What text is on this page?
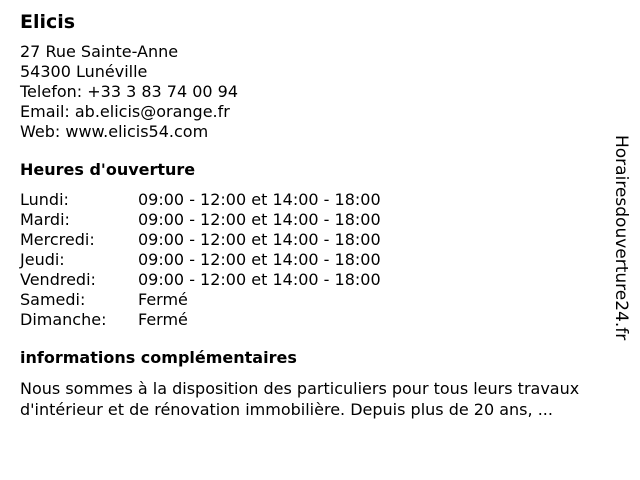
Elicis
27 Rue Sainte-Anne
54300 Lunéville
Telefon: +33 3 83 74 00 94
Email: ab.elicis@orange.fr
Web: www.elicis54.com
Heures d'ouverture
Lundi:	09:00 - 12:00 et 14:00 - 18:00
Mardi:	09:00 - 12:00 et 14:00 - 18:00
Mercredi:	09:00 - 12:00 et 14:00 - 18:00
Jeudi:	09:00 - 12:00 et 14:00 - 18:00
Vendredi:	09:00 - 12:00 et 14:00 - 18:00
Samedi:	Fermé
Dimanche:	Fermé
informations complémentaires
Nous sommes à la disposition des particuliers pour tous leurs travaux d'intérieur et de rénovation immobilière. Depuis plus de 20 ans, ...
Horairesdouverture24.fr
